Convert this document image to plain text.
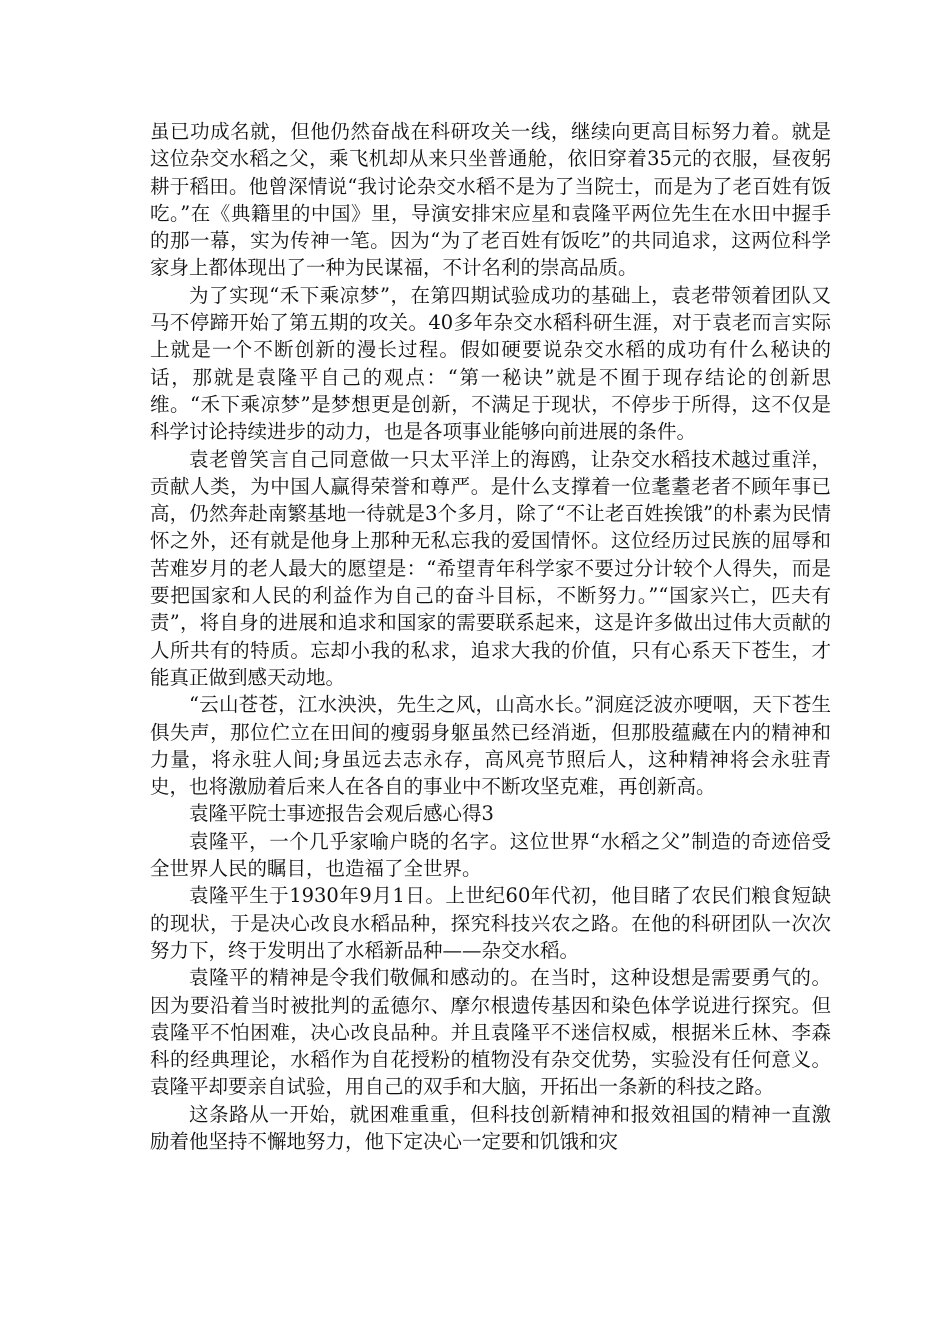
虽已功成名就，但他仍然奋战在科研攻关一线，继续向更高目标努力着。就是这位杂交水稻之父，乘飞机却从来只坐普通舱，依旧穿着35元的衣服，昼夜躬耕于稻田。他曾深情说“我讨论杂交水稻不是为了当院士，而是为了老百姓有饭吃。”在《典籍里的中国》里，导演安排宋应星和袁隆平两位先生在水田中握手的那一幕，实为传神一笔。因为“为了老百姓有饭吃”的共同追求，这两位科学家身上都体现出了一种为民谋福，不计名利的崇高品质。

为了实现“禾下乘凉梦”，在第四期试验成功的基础上，袁老带领着团队又马不停蹄开始了第五期的攻关。40多年杂交水稻科研生涯，对于袁老而言实际上就是一个不断创新的漫长过程。假如硬要说杂交水稻的成功有什么秘诀的话，那就是袁隆平自己的观点：“第一秘诀”就是不囿于现存结论的创新思维。“禾下乘凉梦”是梦想更是创新，不满足于现状，不停步于所得，这不仅是科学讨论持续进步的动力，也是各项事业能够向前进展的条件。

袁老曾笑言自己同意做一只太平洋上的海鸥，让杂交水稻技术越过重洋，贡献人类，为中国人赢得荣誉和尊严。是什么支撑着一位耄耋老者不顾年事已高，仍然奔赴南繁基地一待就是3个多月，除了“不让老百姓挨饿”的朴素为民情怀之外，还有就是他身上那种无私忘我的爱国情怀。这位经历过民族的屈辱和苦难岁月的老人最大的愿望是：“希望青年科学家不要过分计较个人得失，而是要把国家和人民的利益作为自己的奋斗目标，不断努力。”“国家兴亡，匹夫有责”，将自身的进展和追求和国家的需要联系起来，这是许多做出过伟大贡献的人所共有的特质。忘却小我的私求，追求大我的价值，只有心系天下苍生，才能真正做到感天动地。

“云山苍苍，江水泱泱，先生之风，山高水长。”洞庭泛波亦哽咽，天下苍生俱失声，那位伫立在田间的瘦弱身躯虽然已经消逝，但那股蕴藏在内的精神和力量，将永驻人间;身虽远去志永存，高风亮节照后人，这种精神将会永驻青史，也将激励着后来人在各自的事业中不断攻坚克难，再创新高。

袁隆平院士事迹报告会观后感心得3

袁隆平，一个几乎家喻户晓的名字。这位世界“水稻之父”制造的奇迹倍受全世界人民的瞩目，也造福了全世界。

袁隆平生于1930年9月1日。上世纪60年代初，他目睹了农民们粮食短缺的现状，于是决心改良水稻品种，探究科技兴农之路。在他的科研团队一次次努力下，终于发明出了水稻新品种——杂交水稻。

袁隆平的精神是令我们敬佩和感动的。在当时，这种设想是需要勇气的。因为要沿着当时被批判的孟德尔、摩尔根遗传基因和染色体学说进行探究。但袁隆平不怕困难，决心改良品种。并且袁隆平不迷信权威，根据米丘林、李森科的经典理论，水稻作为自花授粉的植物没有杂交优势，实验没有任何意义。袁隆平却要亲自试验，用自己的双手和大脑，开拓出一条新的科技之路。

这条路从一开始，就困难重重，但科技创新精神和报效祖国的精神一直激励着他坚持不懈地努力，他下定决心一定要和饥饿和灾
